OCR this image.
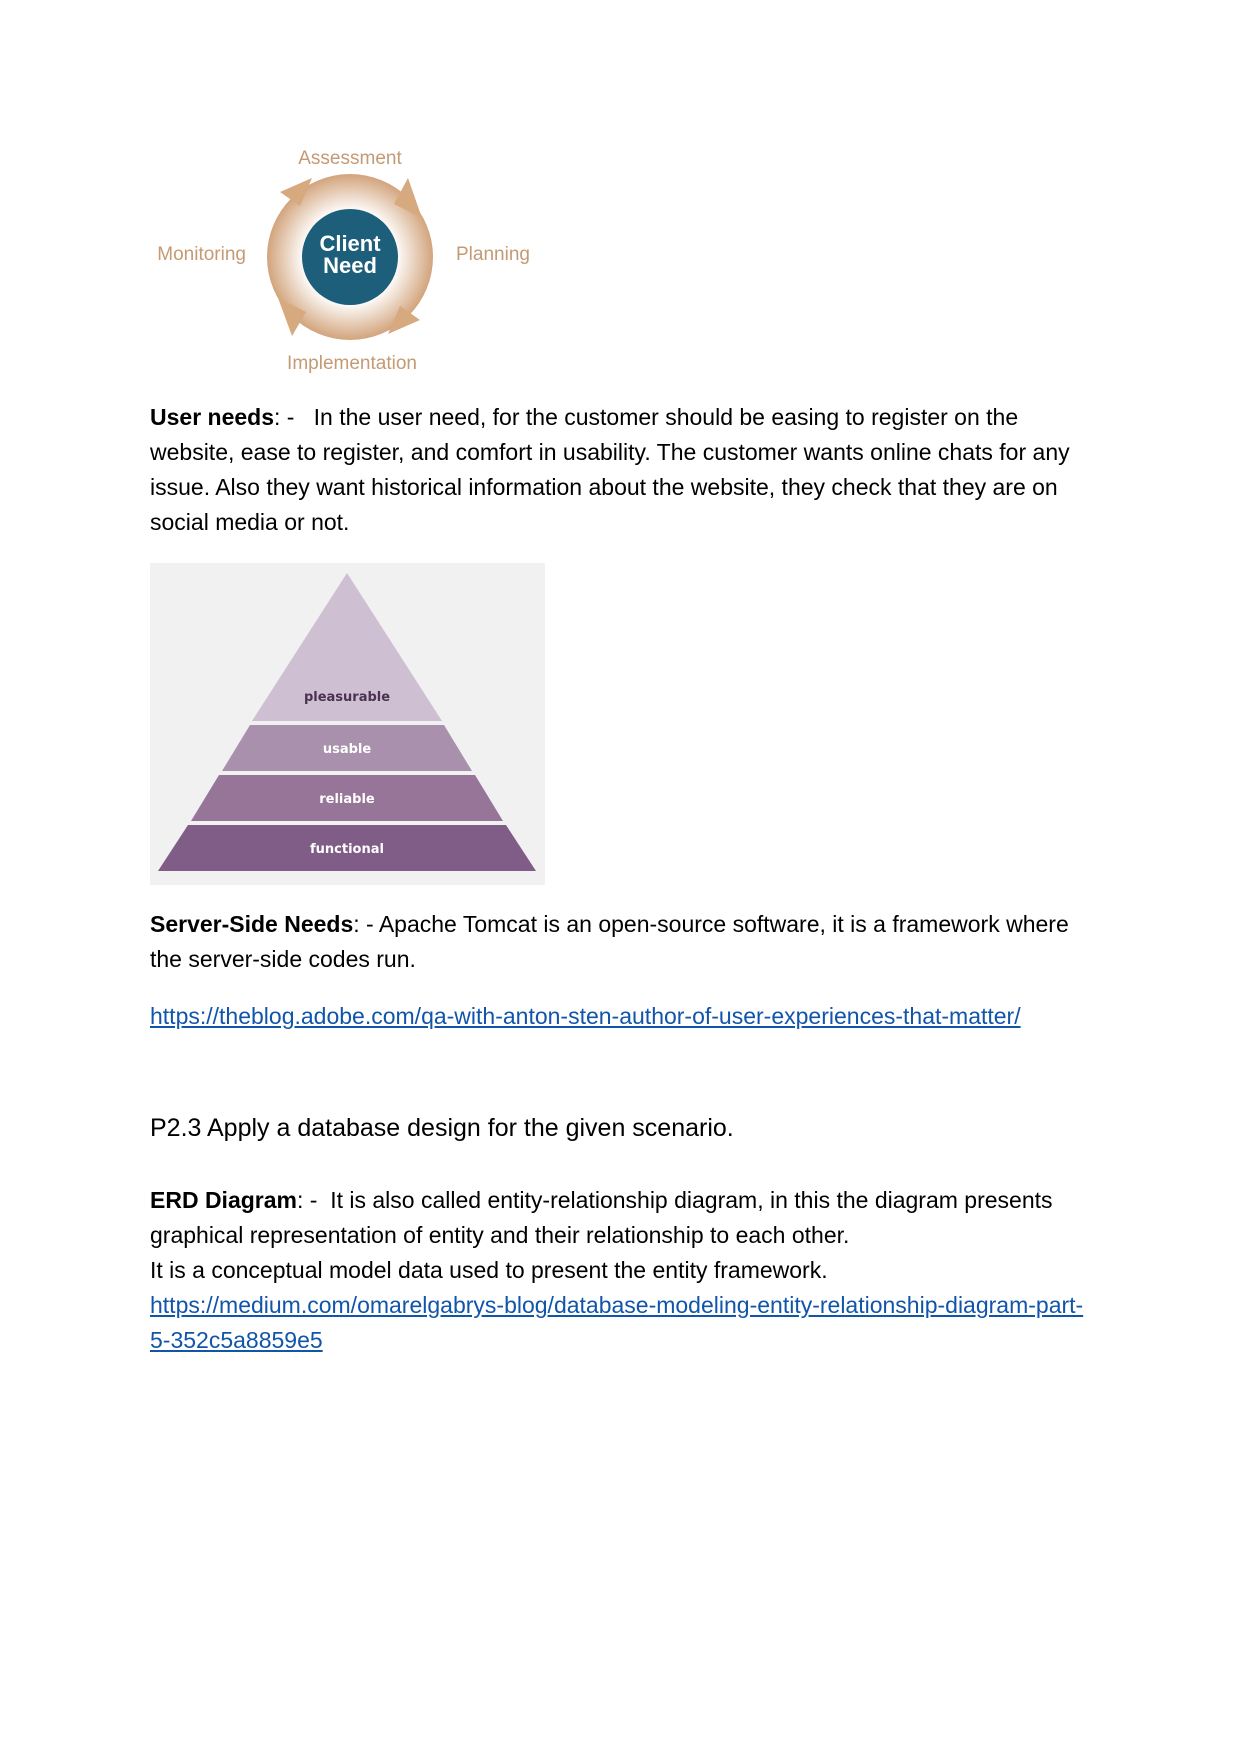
Assessment
Planning
Implementation
Monitoring	Client
Need

User needs: -   In the user need, for the customer should be easing to register on the website, ease to register, and comfort in usability. The customer wants online chats for any issue. Also they want historical information about the website, they check that they are on social media or not.

pleasurable
usable
reliable
functional

Server-Side Needs: - Apache Tomcat is an open-source software, it is a framework where the server-side codes run.

https://theblog.adobe.com/qa-with-anton-sten-author-of-user-experiences-that-matter/

P2.3 Apply a database design for the given scenario.

ERD Diagram: -  It is also called entity-relationship diagram, in this the diagram presents graphical representation of entity and their relationship to each other.
It is a conceptual model data used to present the entity framework.
https://medium.com/omarelgabrys-blog/database-modeling-entity-relationship-diagram-part-5-352c5a8859e5
